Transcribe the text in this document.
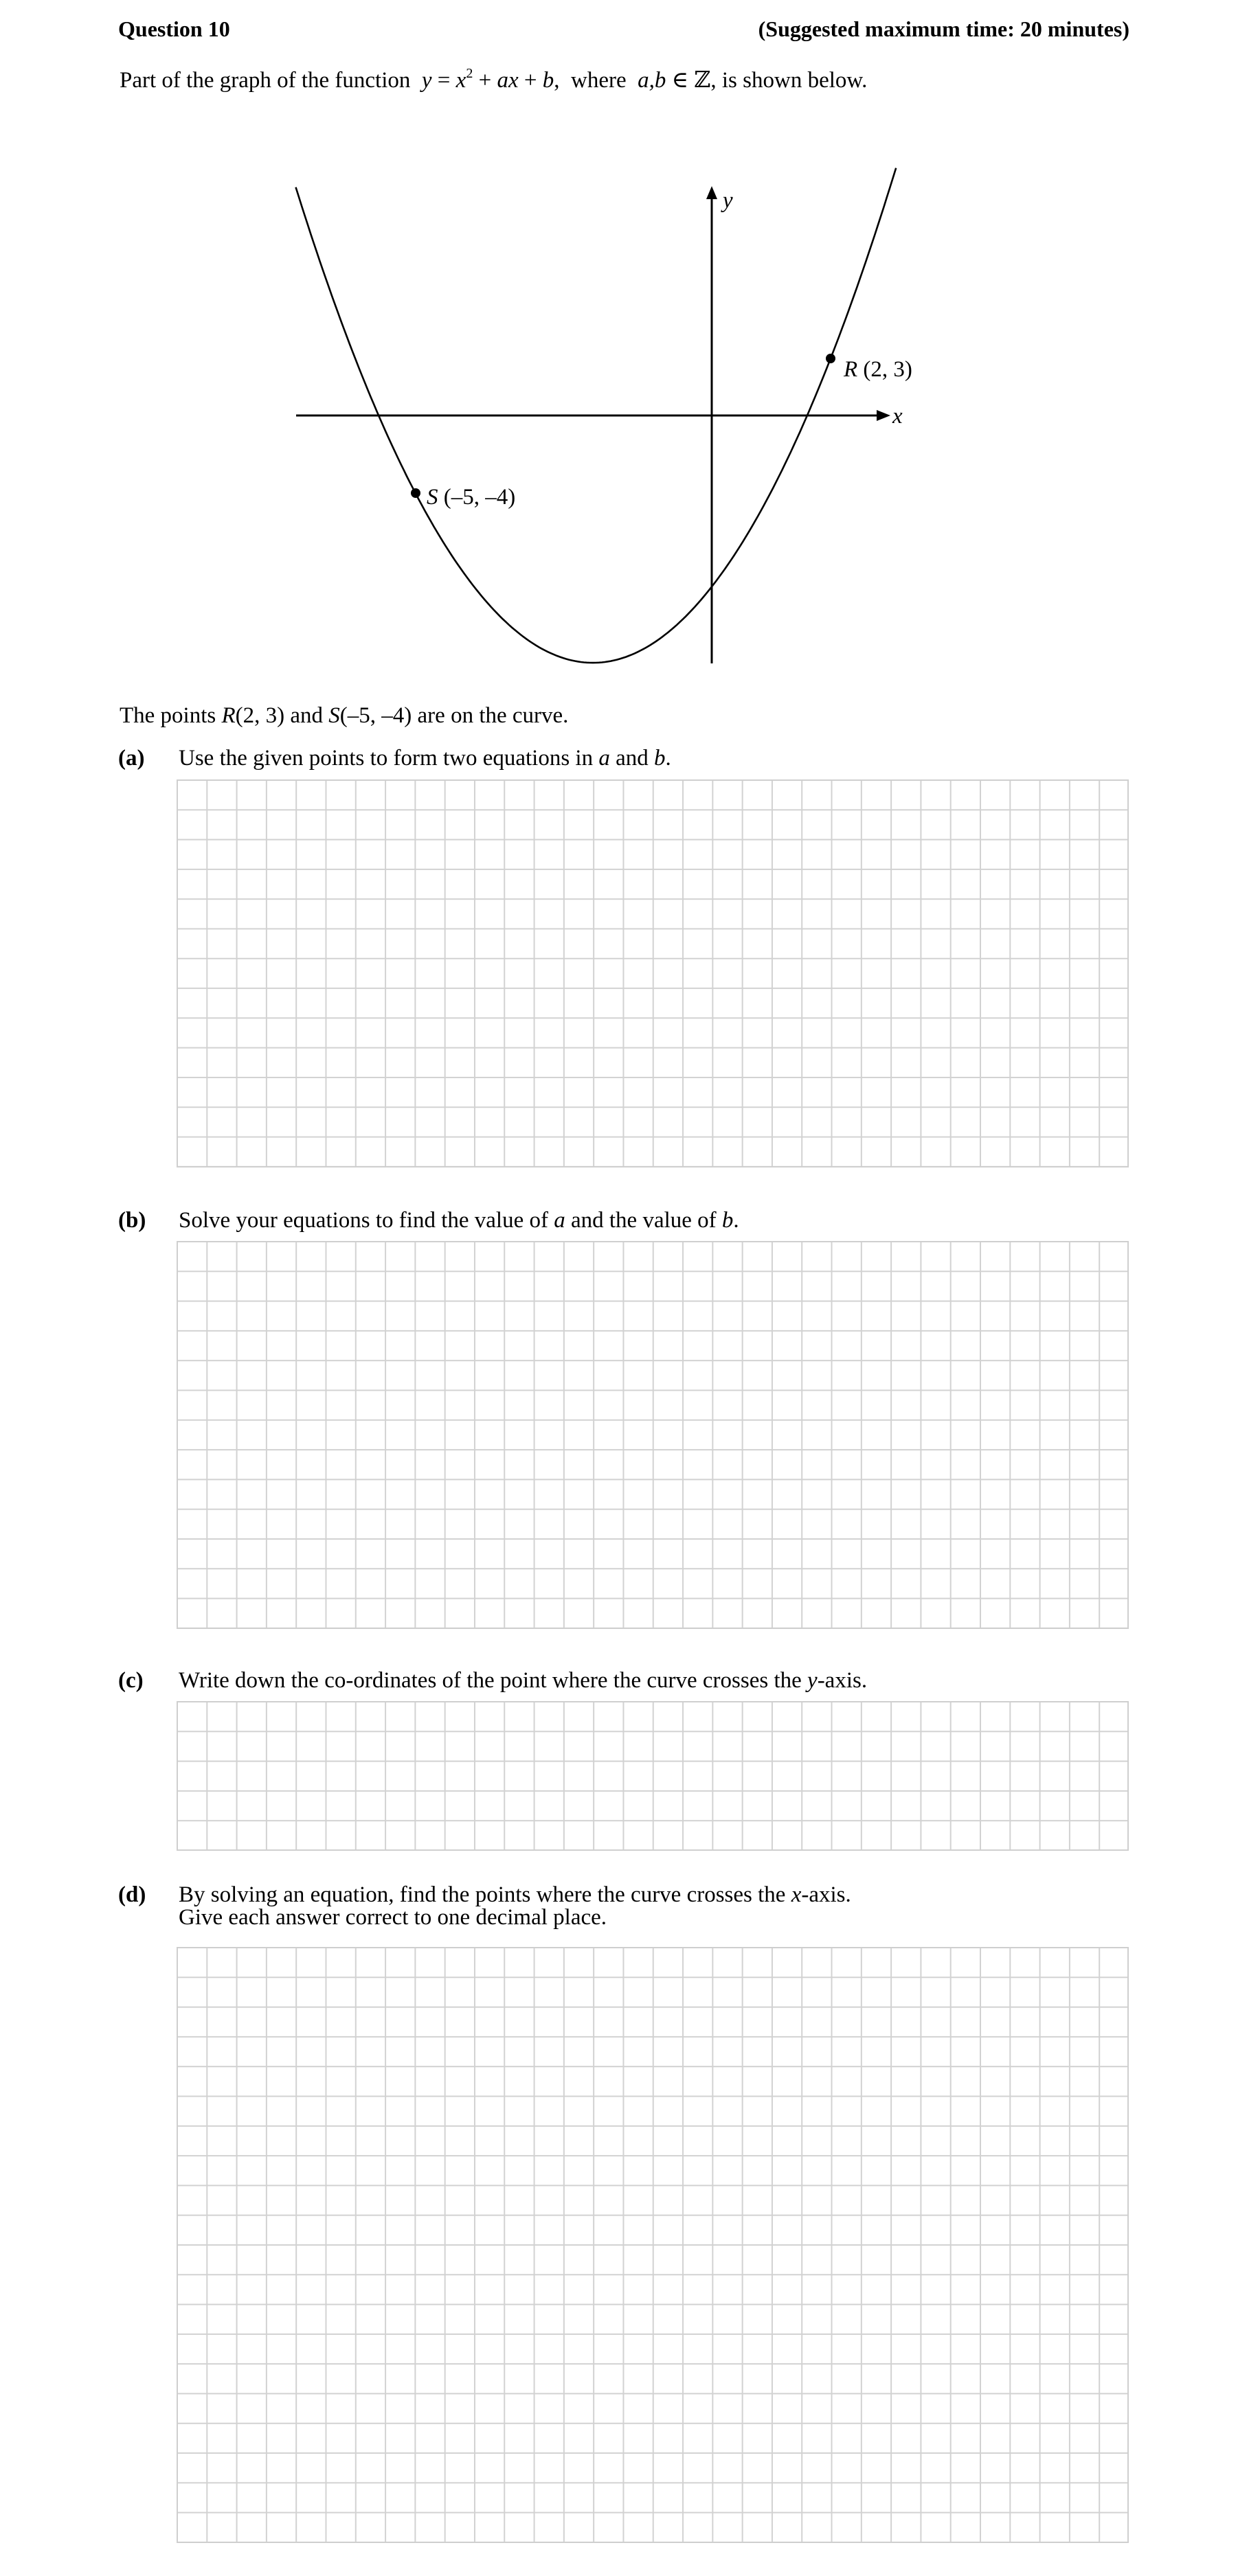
Question 10	(Suggested maximum time: 20 minutes)
Part of the graph of the function $y = x^2$ + ax + b, where a,b ∈ ℤ, is shown below.
R (2, 3)
S (–5, –4)
x
y
The points R(2, 3) and S(–5, –4) are on the curve.
(a) Use the given points to form two equations in a and b.
(b) Solve your equations to find the value of a and the value of b.
(c) Write down the co-ordinates of the point where the curve crosses the y-axis.
(d) By solving an equation, find the points where the curve crosses the x-axis.
Give each answer correct to one decimal place.
